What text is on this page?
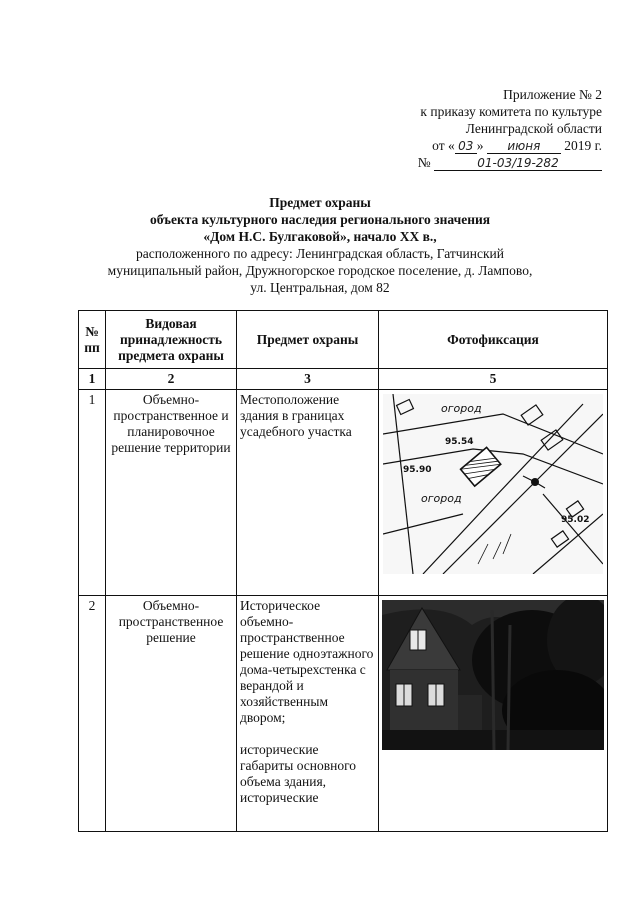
Приложение № 2
к приказу комитета по культуре
Ленинградской области
от « 03 » июня 2019 г.
№	01-03/19-282
Предмет охраны
объекта культурного наследия регионального значения
«Дом Н.С. Булгаковой», начало XX в.,
расположенного по адресу: Ленинградская область, Гатчинский
муниципальный район, Дружногорское городское поселение, д. Лампово,
ул. Центральная, дом 82
№ пп	Видовая принадлежность предмета охраны	Предмет охраны	Фотофиксация
1	2	3	5
1	Объемно-пространственное и планировочное решение территории	Местоположение здания в границах усадебного участка	огород
огород
95.54
95.90
95.02

2	Объемно-пространственное решение	Историческое объемно-пространственное решение одноэтажного дома-четырехстенка с верандой и хозяйственным двором;
исторические габариты основного объема здания, исторические	
